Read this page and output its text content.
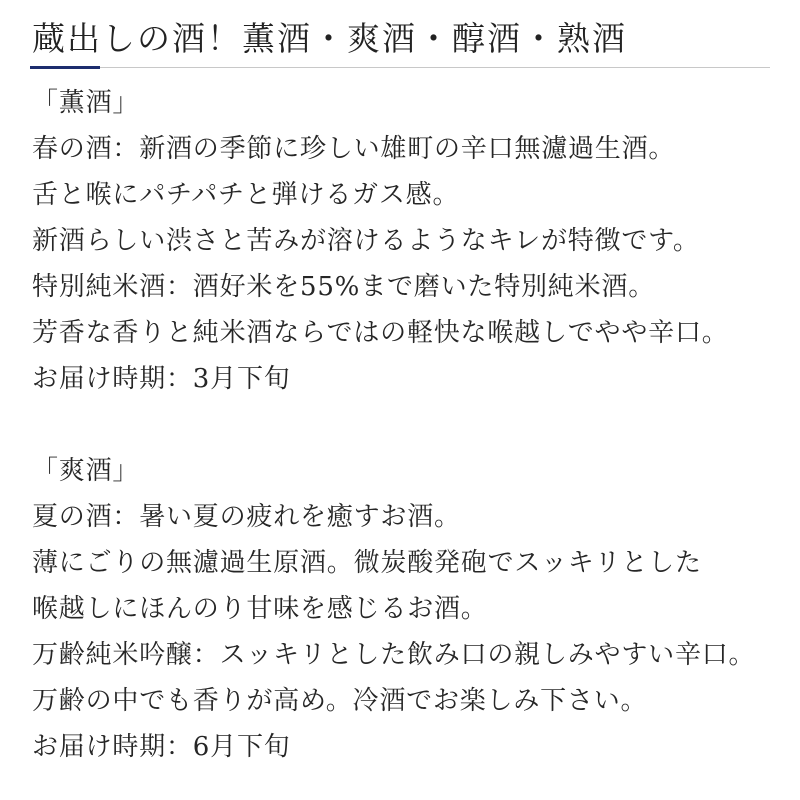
蔵出しの酒！薫酒・爽酒・醇酒・熟酒
「薫酒」
春の酒：新酒の季節に珍しい雄町の辛口無濾過生酒。
舌と喉にパチパチと弾けるガス感。
新酒らしい渋さと苦みが溶けるようなキレが特徴です。
特別純米酒：酒好米を55%まで磨いた特別純米酒。
芳香な香りと純米酒ならではの軽快な喉越しでやや辛口。
お届け時期：3月下旬
「爽酒」
夏の酒：暑い夏の疲れを癒すお酒。
薄にごりの無濾過生原酒。微炭酸発砲でスッキリとした
喉越しにほんのり甘味を感じるお酒。
万齢純米吟醸：スッキリとした飲み口の親しみやすい辛口。
万齢の中でも香りが高め。冷酒でお楽しみ下さい。
お届け時期：6月下旬
